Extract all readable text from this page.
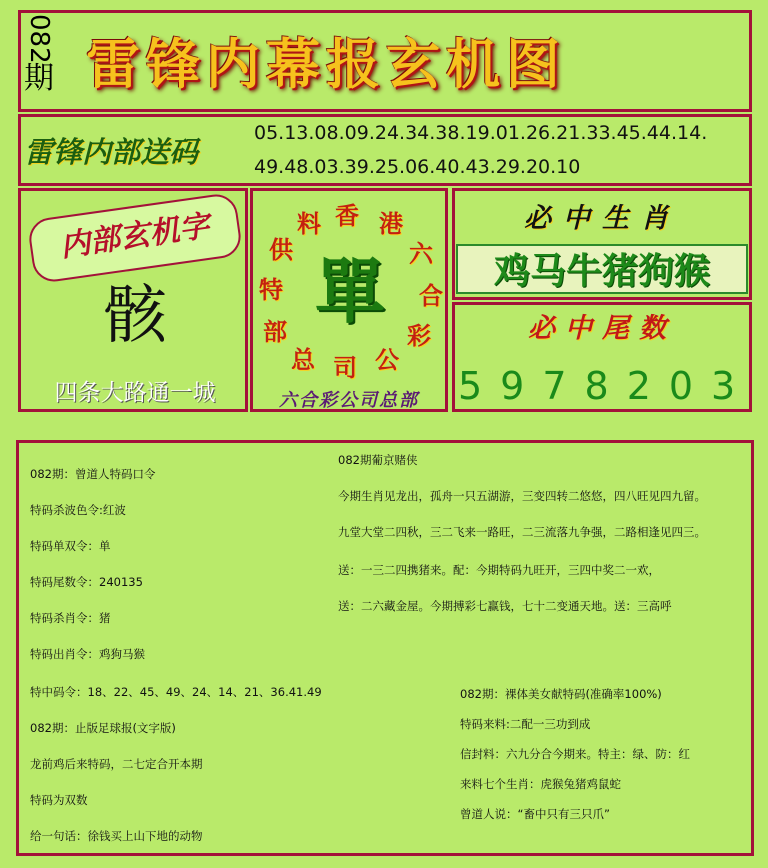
082
期 雷锋内幕报玄机图
雷锋内部送码
05.13.08.09.24.34.38.19.01.26.21.33.45.44.14.
49.48.03.39.25.06.40.43.29.20.10
内部玄机字
骸
四条大路通一城
香 港
六
合
彩
公
司
总
部
特
供
料
單
六合彩公司总部
必中生肖
鸡马牛猪狗猴
必中尾数
5978203
082期：曾道人特码口令
特码杀波色令:红波
特码单双令：单
特码尾数令：240135
特码杀肖令：猪
特码出肖令：鸡狗马猴
特中码令：18、22、45、49、24、14、21、36.41.49
082期：止版足球报(文字版)
龙前鸡后来特码，二七定合开本期
特码为双数
给一句话：徐钱买上山下地的动物
082期葡京赌侠
今期生肖见龙出，孤舟一只五湖游，三变四转二悠悠，四八旺见四九留。
九堂大堂二四秋，三二飞来一路旺，二三流落九争强，二路相逢见四三。
送：一三二四携猪来。配：今期特码九旺开，三四中奖二一欢，
送：二六藏金屋。今期搏彩七赢钱，七十二变通天地。送：三高呼
082期：裸体美女献特码(准确率100%)
特码来料:二配一三功到成
信封料：六九分合今期来。特主：绿、防：红
来料七个生肖：虎猴兔猪鸡鼠蛇
曾道人说：“畜中只有三只爪”
